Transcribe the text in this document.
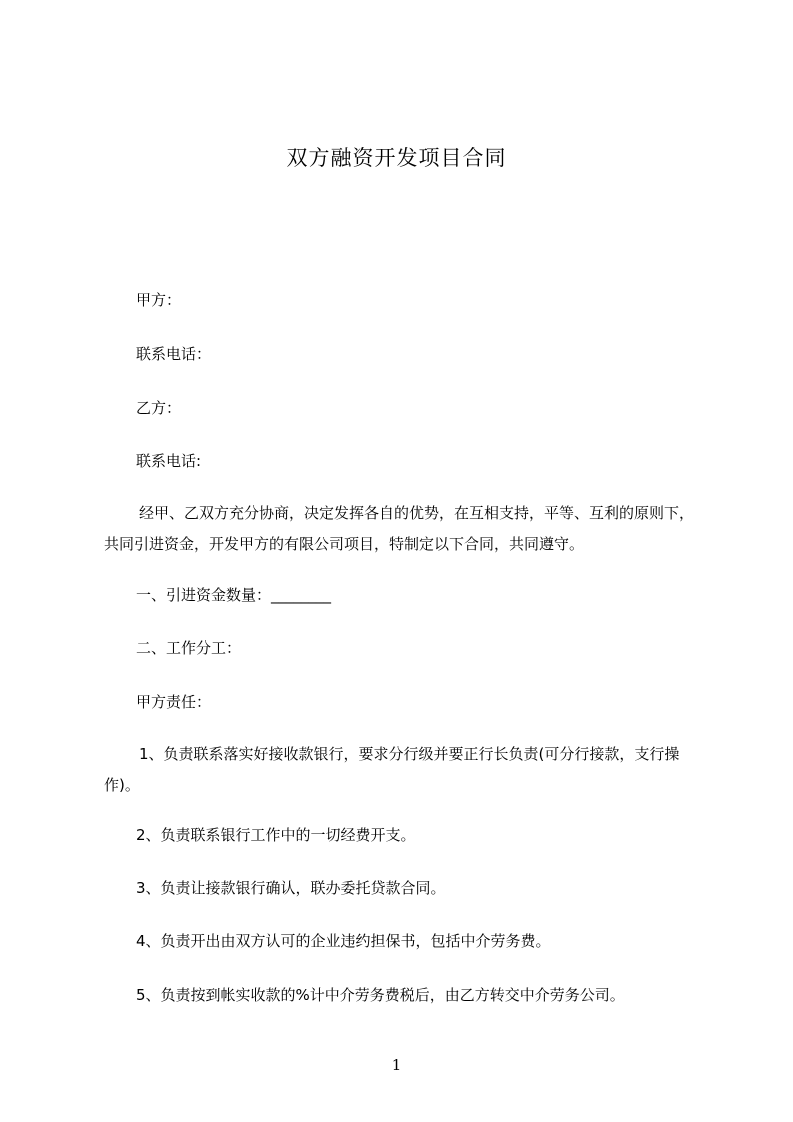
双方融资开发项目合同
甲方：
联系电话：
乙方：
联系电话:
经甲、乙双方充分协商，决定发挥各自的优势，在互相支持，平等、互利的原则下，共同引进资金，开发甲方的有限公司项目，特制定以下合同，共同遵守。
一、引进资金数量：________
二、工作分工：
甲方责任：
1、负责联系落实好接收款银行，要求分行级并要正行长负责(可分行接款，支行操作)。
2、负责联系银行工作中的一切经费开支。
3、负责让接款银行确认，联办委托贷款合同。
4、负责开出由双方认可的企业违约担保书，包括中介劳务费。
5、负责按到帐实收款的%计中介劳务费税后，由乙方转交中介劳务公司。
1
